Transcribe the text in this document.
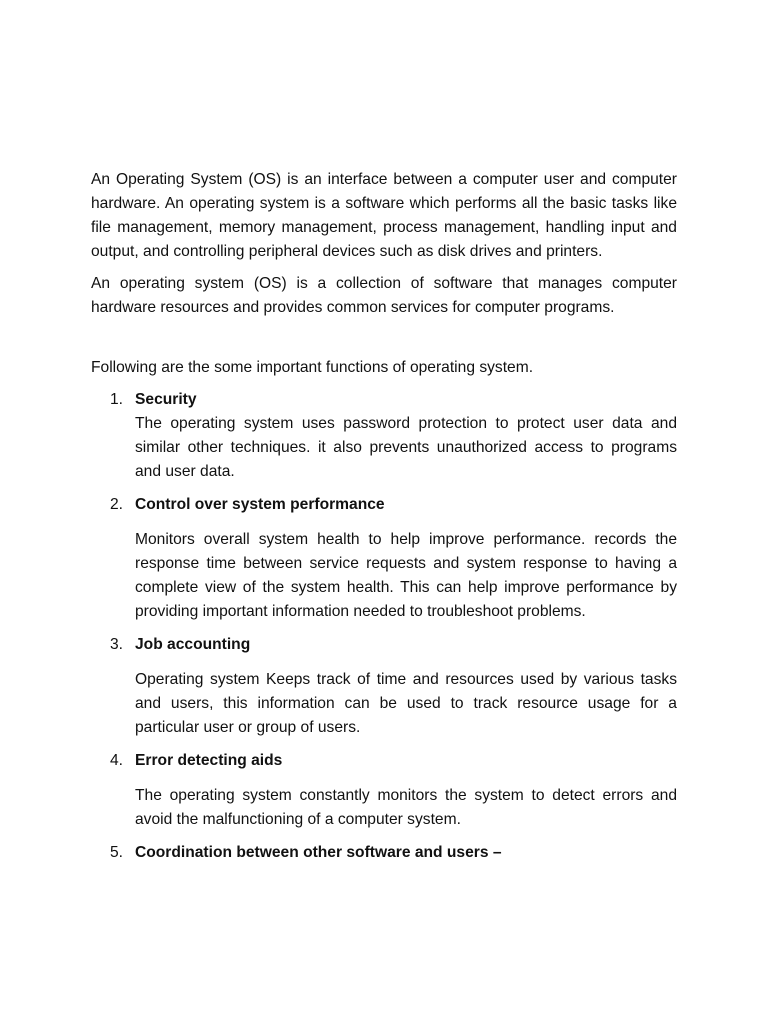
An Operating System (OS) is an interface between a computer user and computer hardware. An operating system is a software which performs all the basic tasks like file management, memory management, process management, handling input and output, and controlling peripheral devices such as disk drives and printers.

An operating system (OS) is a collection of software that manages computer hardware resources and provides common services for computer programs.

Following are the some important functions of operating system.

1. Security

The operating system uses password protection to protect user data and similar other techniques. it also prevents unauthorized access to programs and user data.

2. Control over system performance

Monitors overall system health to help improve performance. records the response time between service requests and system response to having a complete view of the system health. This can help improve performance by providing important information needed to troubleshoot problems.

3. Job accounting

Operating system Keeps track of time and resources used by various tasks and users, this information can be used to track resource usage for a particular user or group of users.

4. Error detecting aids

The operating system constantly monitors the system to detect errors and avoid the malfunctioning of a computer system.

5. Coordination between other software and users –
